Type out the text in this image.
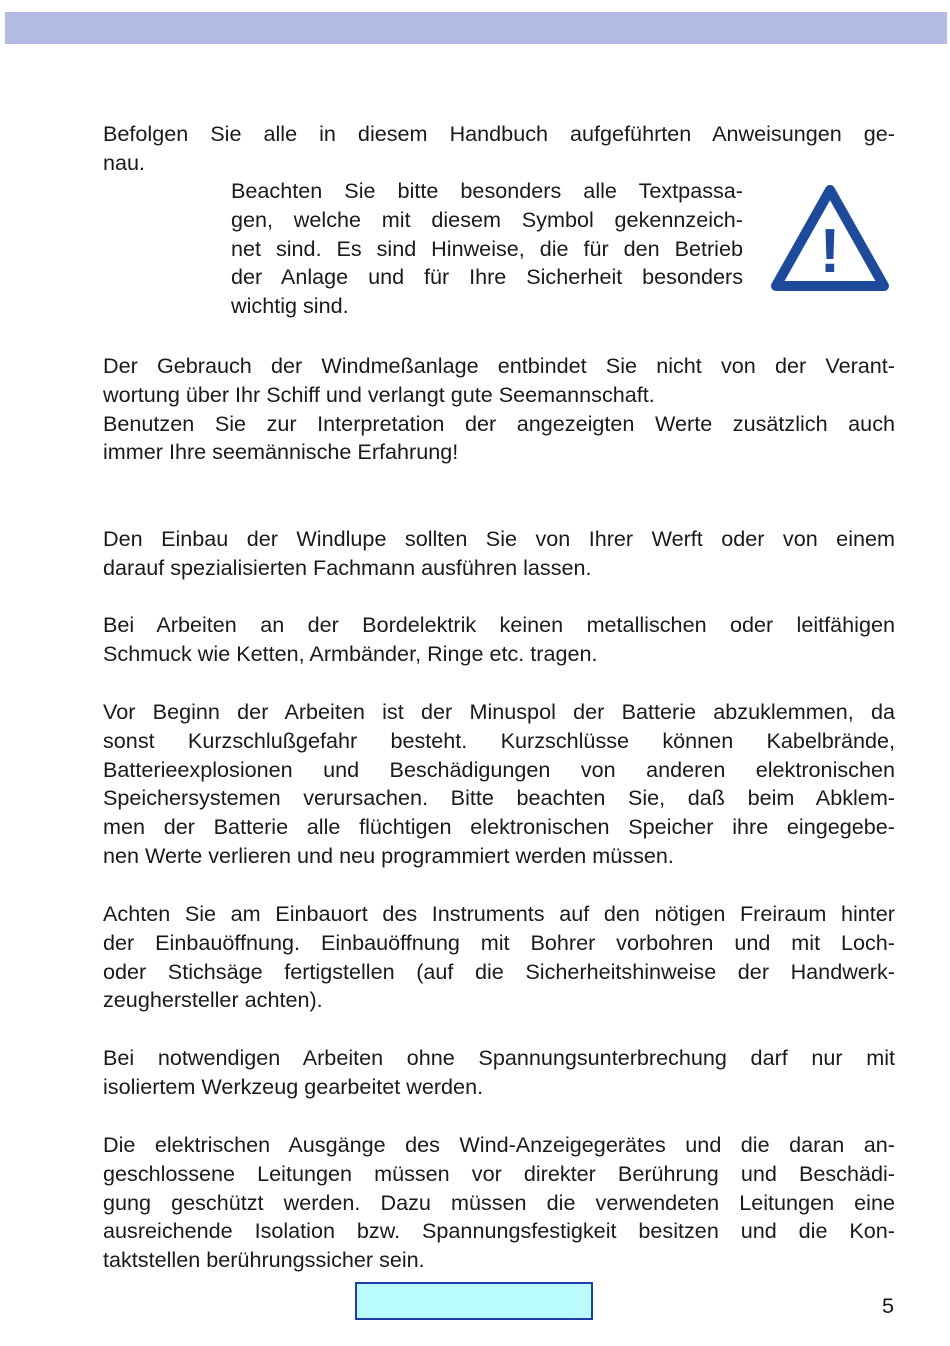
Befolgen Sie alle in diesem Handbuch aufgeführten Anweisungen ge-
nau.
Beachten Sie bitte besonders alle Textpassa-
gen, welche mit diesem Symbol gekennzeich-
net sind. Es sind Hinweise, die für den Betrieb
der Anlage und für Ihre Sicherheit besonders
wichtig sind.
!
Der Gebrauch der Windmeßanlage entbindet Sie nicht von der Verant-
wortung über Ihr Schiff und verlangt gute Seemannschaft.
Benutzen Sie zur Interpretation der angezeigten Werte zusätzlich auch
immer Ihre seemännische Erfahrung!
Den Einbau der Windlupe sollten Sie von Ihrer Werft oder von einem
darauf spezialisierten Fachmann ausführen lassen.
Bei Arbeiten an der Bordelektrik keinen metallischen oder leitfähigen
Schmuck wie Ketten, Armbänder, Ringe etc. tragen.
Vor Beginn der Arbeiten ist der Minuspol der Batterie abzuklemmen, da
sonst Kurzschlußgefahr besteht. Kurzschlüsse können Kabelbrände,
Batterieexplosionen und Beschädigungen von anderen elektronischen
Speichersystemen verursachen. Bitte beachten Sie, daß beim Abklem-
men der Batterie alle flüchtigen elektronischen Speicher ihre eingegebe-
nen Werte verlieren und neu programmiert werden müssen.
Achten Sie am Einbauort des Instruments auf den nötigen Freiraum hinter
der Einbauöffnung. Einbauöffnung mit Bohrer vorbohren und mit Loch-
oder Stichsäge fertigstellen (auf die Sicherheitshinweise der Handwerk-
zeughersteller achten).
Bei notwendigen Arbeiten ohne Spannungsunterbrechung darf nur mit
isoliertem Werkzeug gearbeitet werden.
Die elektrischen Ausgänge des Wind-Anzeigegerätes und die daran an-
geschlossene Leitungen müssen vor direkter Berührung und Beschädi-
gung geschützt werden. Dazu müssen die verwendeten Leitungen eine
ausreichende Isolation bzw. Spannungsfestigkeit besitzen und die Kon-
taktstellen berührungssicher sein.
5
